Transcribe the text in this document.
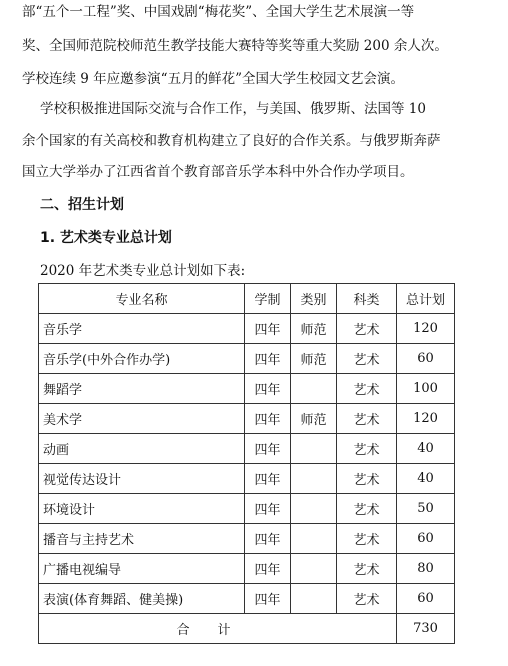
部“五个一工程”奖、中国戏剧“梅花奖”、全国大学生艺术展演一等
奖、全国师范院校师范生教学技能大赛特等奖等重大奖励 200 余人次。
学校连续 9 年应邀参演“五月的鲜花”全国大学生校园文艺会演。
学校积极推进国际交流与合作工作，与美国、俄罗斯、法国等 10
余个国家的有关高校和教育机构建立了良好的合作关系。与俄罗斯奔萨
国立大学举办了江西省首个教育部音乐学本科中外合作办学项目。
二、招生计划
1. 艺术类专业总计划
2020 年艺术类专业总计划如下表:
专业名称	学制	类别	科类	总计划
音乐学	四年	师范	艺术	120
音乐学(中外合作办学)	四年	师范	艺术	60
舞蹈学	四年		艺术	100
美术学	四年	师范	艺术	120
动画	四年		艺术	40
视觉传达设计	四年		艺术	40
环境设计	四年		艺术	50
播音与主持艺术	四年		艺术	60
广播电视编导	四年		艺术	80
表演(体育舞蹈、健美操)	四年		艺术	60
合计				730
